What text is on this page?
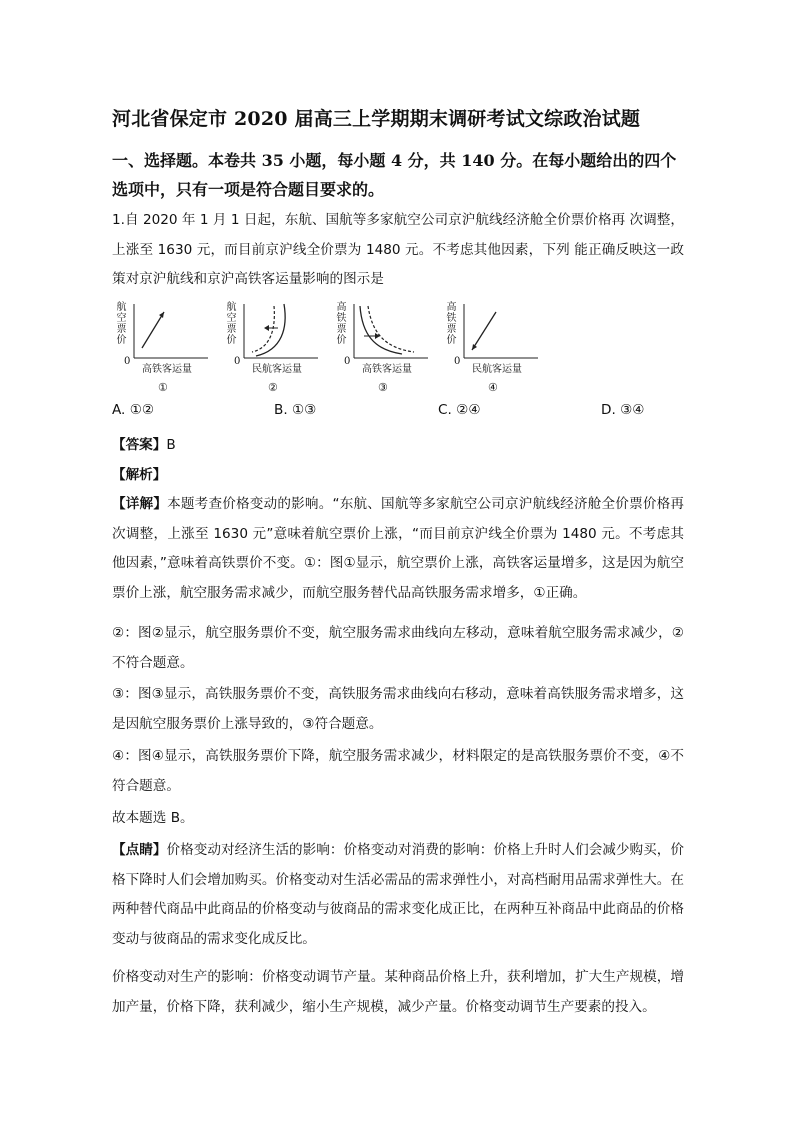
河北省保定市 2020 届高三上学期期末调研考试文综政治试题
一、选择题。本卷共 35 小题，每小题 4 分，共 140 分。在每小题给出的四个选项中，只有一项是符合题目要求的。
1.自 2020 年 1 月 1 日起，东航、国航等多家航空公司京沪航线经济舱全价票价格再 次调整，上涨至 1630 元，而目前京沪线全价票为 1480 元。不考虑其他因素，下列 能正确反映这一政策对京沪航线和京沪高铁客运量影响的图示是
航空票价
0
高铁客运量
①
航空票价
0
民航客运量
②
高铁票价
0
高铁客运量
③
高铁票价
0
民航客运量
④
A. ①②	B. ①③	C. ②④	D. ③④
【答案】B
【解析】
【详解】本题考查价格变动的影响。“东航、国航等多家航空公司京沪航线经济舱全价票价格再次调整，上涨至 1630 元”意味着航空票价上涨，“而目前京沪线全价票为 1480 元。不考虑其他因素，”意味着高铁票价不变。①：图①显示，航空票价上涨，高铁客运量增多，这是因为航空票价上涨，航空服务需求减少，而航空服务替代品高铁服务需求增多，①正确。
②：图②显示，航空服务票价不变，航空服务需求曲线向左移动，意味着航空服务需求减少，②不符合题意。
③：图③显示，高铁服务票价不变，高铁服务需求曲线向右移动，意味着高铁服务需求增多，这是因航空服务票价上涨导致的，③符合题意。
④：图④显示，高铁服务票价下降，航空服务需求减少，材料限定的是高铁服务票价不变，④不符合题意。
故本题选 B。
【点睛】价格变动对经济生活的影响：价格变动对消费的影响：价格上升时人们会减少购买，价格下降时人们会增加购买。价格变动对生活必需品的需求弹性小，对高档耐用品需求弹性大。在两种替代商品中此商品的价格变动与彼商品的需求变化成正比，在两种互补商品中此商品的价格变动与彼商品的需求变化成反比。
价格变动对生产的影响：价格变动调节产量。某种商品价格上升，获利增加，扩大生产规模，增加产量，价格下降，获利减少，缩小生产规模，减少产量。价格变动调节生产要素的投入。
